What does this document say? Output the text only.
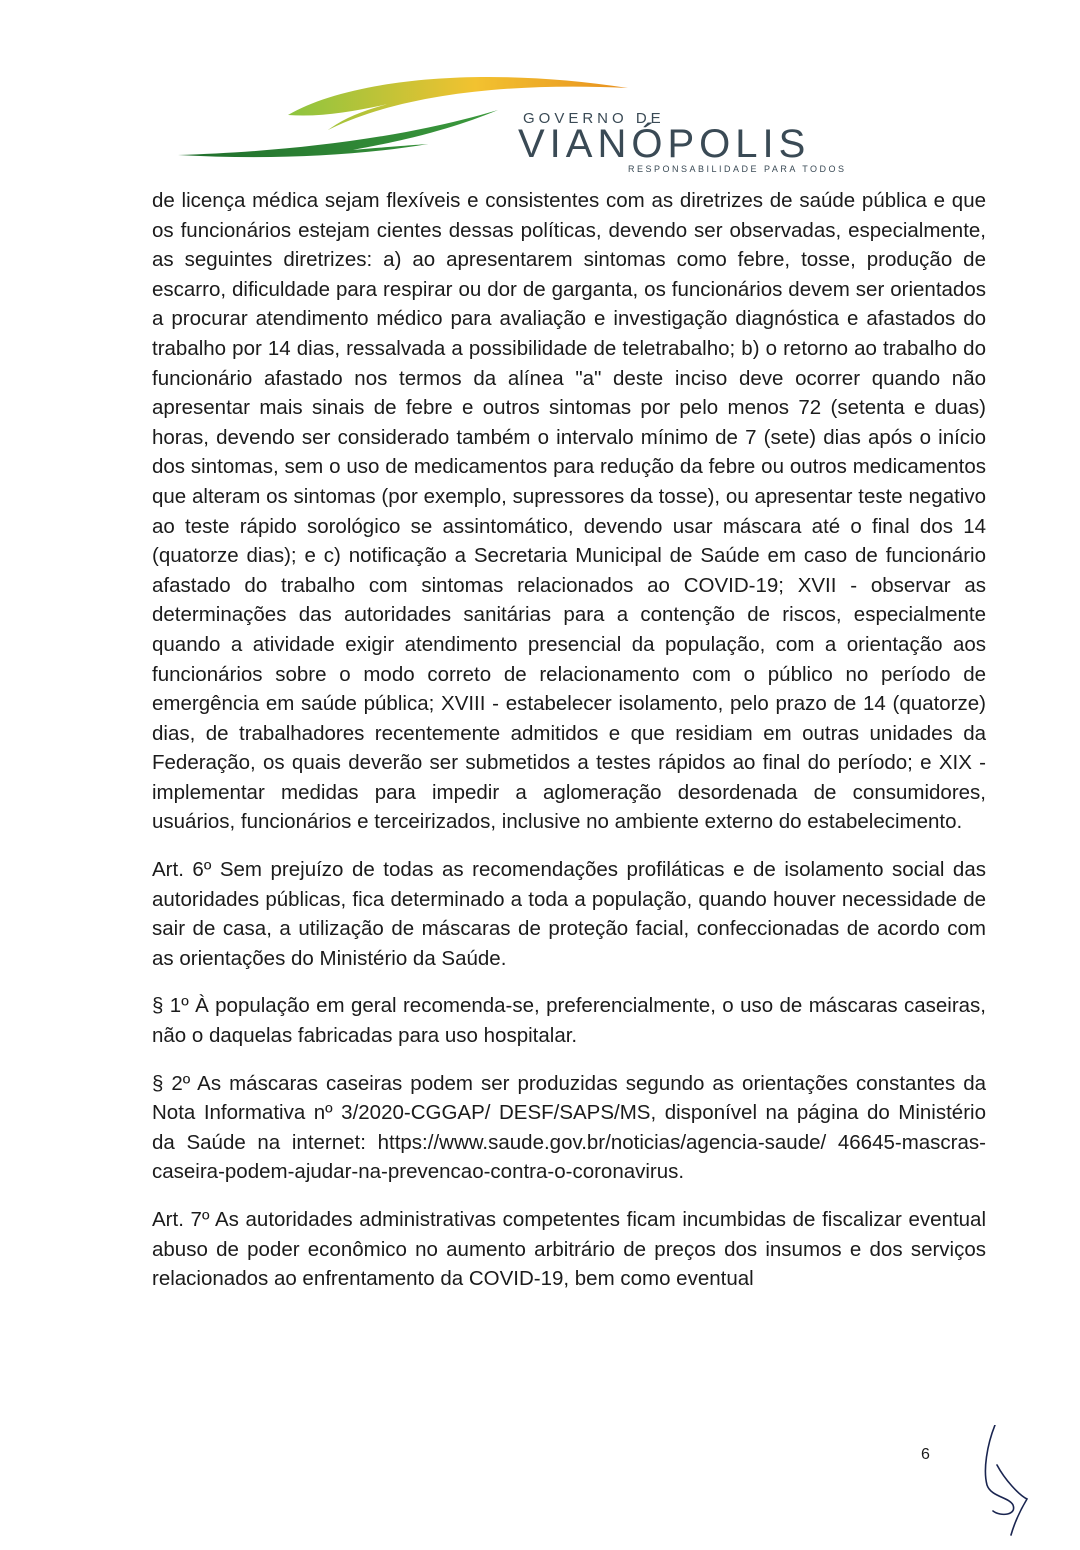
GOVERNO DE
VIANÓPOLIS
RESPONSABILIDADE PARA TODOS

de licença médica sejam flexíveis e consistentes com as diretrizes de saúde pública e que os funcionários estejam cientes dessas políticas, devendo ser observadas, especialmente, as seguintes diretrizes: a) ao apresentarem sintomas como febre, tosse, produção de escarro, dificuldade para respirar ou dor de garganta, os funcionários devem ser orientados a procurar atendimento médico para avaliação e investigação diagnóstica e afastados do trabalho por 14 dias, ressalvada a possibilidade de teletrabalho; b) o retorno ao trabalho do funcionário afastado nos termos da alínea "a" deste inciso deve ocorrer quando não apresentar mais sinais de febre e outros sintomas por pelo menos 72 (setenta e duas) horas, devendo ser considerado também o intervalo mínimo de 7 (sete) dias após o início dos sintomas, sem o uso de medicamentos para redução da febre ou outros medicamentos que alteram os sintomas (por exemplo, supressores da tosse), ou apresentar teste negativo ao teste rápido sorológico se assintomático, devendo usar máscara até o final dos 14 (quatorze dias); e c) notificação a Secretaria Municipal de Saúde em caso de funcionário afastado do trabalho com sintomas relacionados ao COVID-19; XVII - observar as determinações das autoridades sanitárias para a contenção de riscos, especialmente quando a atividade exigir atendimento presencial da população, com a orientação aos funcionários sobre o modo correto de relacionamento com o público no período de emergência em saúde pública; XVIII - estabelecer isolamento, pelo prazo de 14 (quatorze) dias, de trabalhadores recentemente admitidos e que residiam em outras unidades da Federação, os quais deverão ser submetidos a testes rápidos ao final do período; e XIX - implementar medidas para impedir a aglomeração desordenada de consumidores, usuários, funcionários e terceirizados, inclusive no ambiente externo do estabelecimento.

Art. 6º Sem prejuízo de todas as recomendações profiláticas e de isolamento social das autoridades públicas, fica determinado a toda a população, quando houver necessidade de sair de casa, a utilização de máscaras de proteção facial, confeccionadas de acordo com as orientações do Ministério da Saúde.

§ 1º À população em geral recomenda-se, preferencialmente, o uso de máscaras caseiras, não o daquelas fabricadas para uso hospitalar.

§ 2º As máscaras caseiras podem ser produzidas segundo as orientações constantes da Nota Informativa nº 3/2020-CGGAP/ DESF/SAPS/MS, disponível na página do Ministério da Saúde na internet: https://www.saude.gov.br/noticias/agencia-saude/ 46645-mascras-caseira-podem-ajudar-na-prevencao-contra-o-coronavirus.

Art. 7º As autoridades administrativas competentes ficam incumbidas de fiscalizar eventual abuso de poder econômico no aumento arbitrário de preços dos insumos e dos serviços relacionados ao enfrentamento da COVID-19, bem como eventual

6
